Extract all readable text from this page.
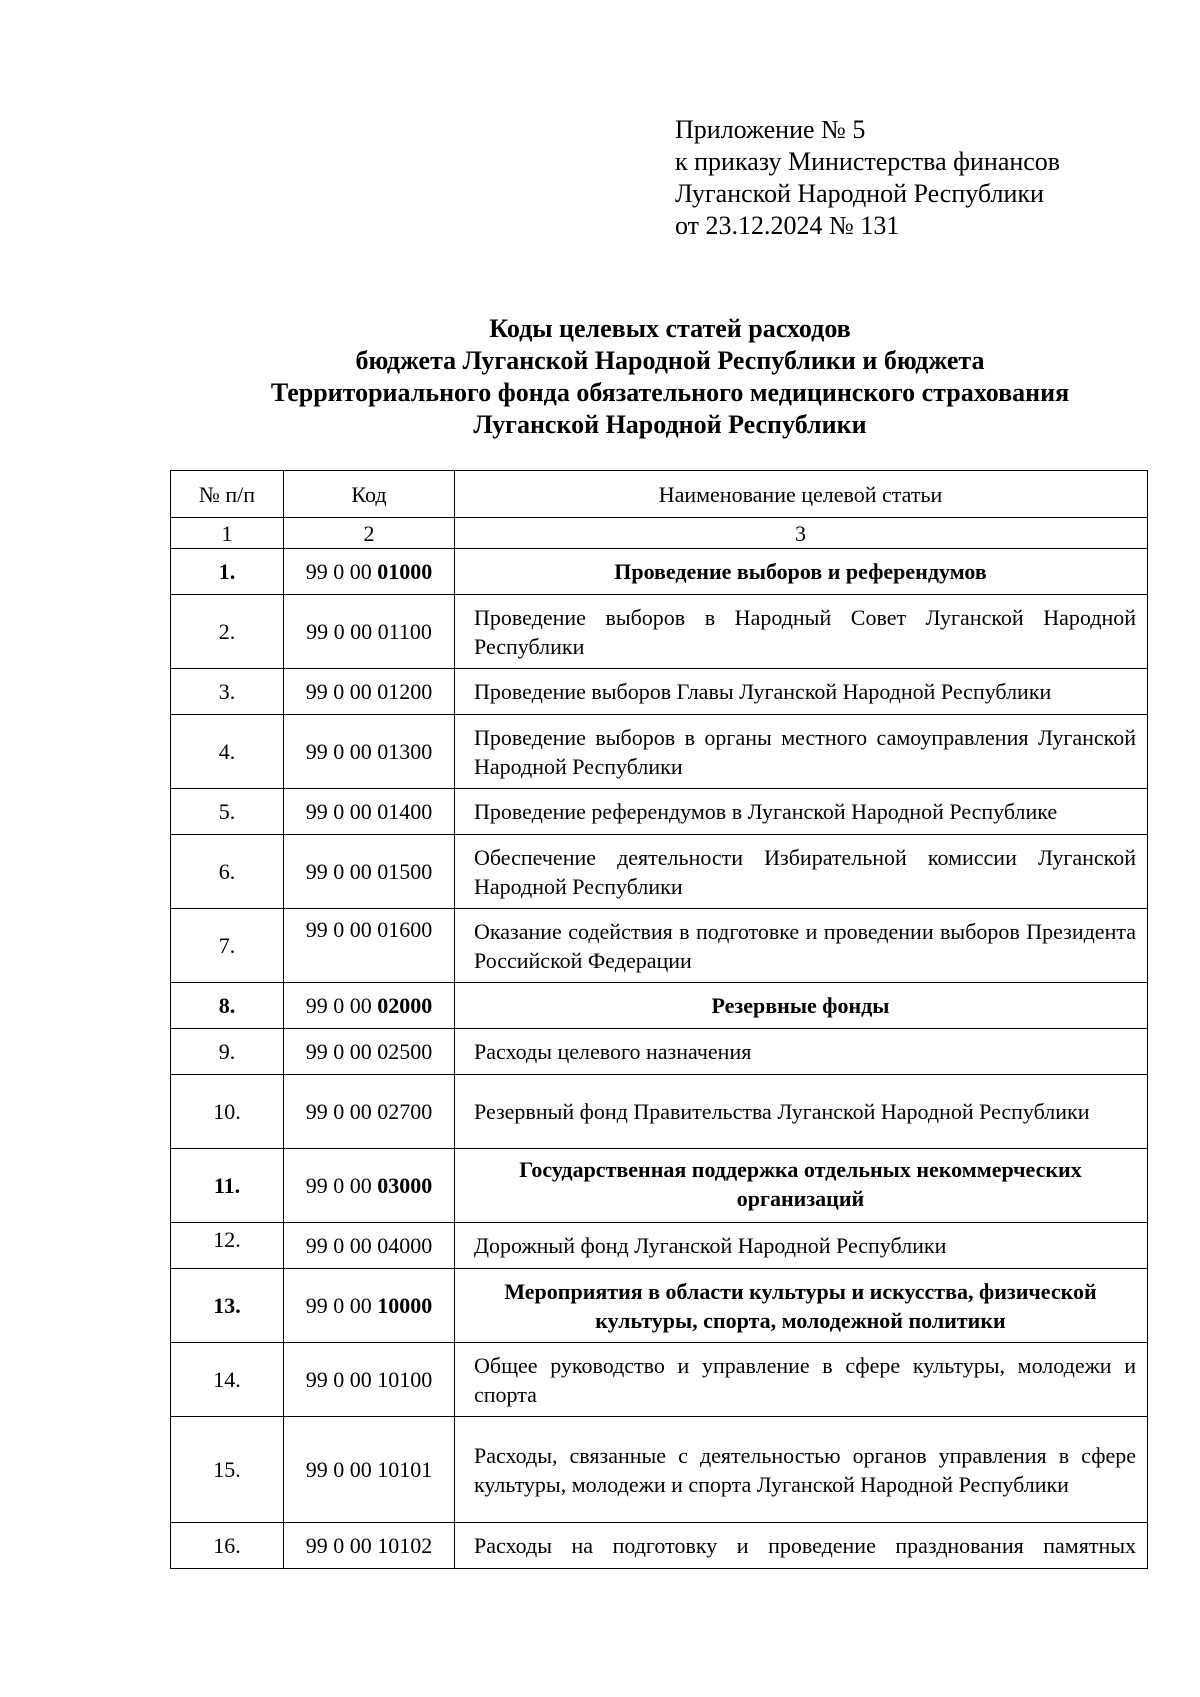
Приложение № 5
к приказу Министерства финансов
Луганской Народной Республики
от 23.12.2024 № 131
Коды целевых статей расходов
бюджета Луганской Народной Республики и бюджета
Территориального фонда обязательного медицинского страхования
Луганской Народной Республики
№ п/п	Код	Наименование целевой статьи
1	2	3
1.	99 0 00 01000	Проведение выборов и референдумов
2.	99 0 00 01100	Проведение выборов в Народный Совет Луганской Народной Республики
3.	99 0 00 01200	Проведение выборов Главы Луганской Народной Республики
4.	99 0 00 01300	Проведение выборов в органы местного самоуправления Луганской Народной Республики
5.	99 0 00 01400	Проведение референдумов в Луганской Народной Республике
6.	99 0 00 01500	Обеспечение деятельности Избирательной комиссии Луганской Народной Республики
7.	99 0 00 01600	Оказание содействия в подготовке и проведении выборов Президента Российской Федерации
8.	99 0 00 02000	Резервные фонды
9.	99 0 00 02500	Расходы целевого назначения
10.	99 0 00 02700	Резервный фонд Правительства Луганской Народной Республики
11.	99 0 00 03000	Государственная поддержка отдельных некоммерческих организаций
12.	99 0 00 04000	Дорожный фонд Луганской Народной Республики
13.	99 0 00 10000	Мероприятия в области культуры и искусства, физической культуры, спорта, молодежной политики
14.	99 0 00 10100	Общее руководство и управление в сфере культуры, молодежи и спорта
15.	99 0 00 10101	Расходы, связанные с деятельностью органов управления в сфере культуры, молодежи и спорта Луганской Народной Республики
16.	99 0 00 10102	Расходы на подготовку и проведение празднования памятных
